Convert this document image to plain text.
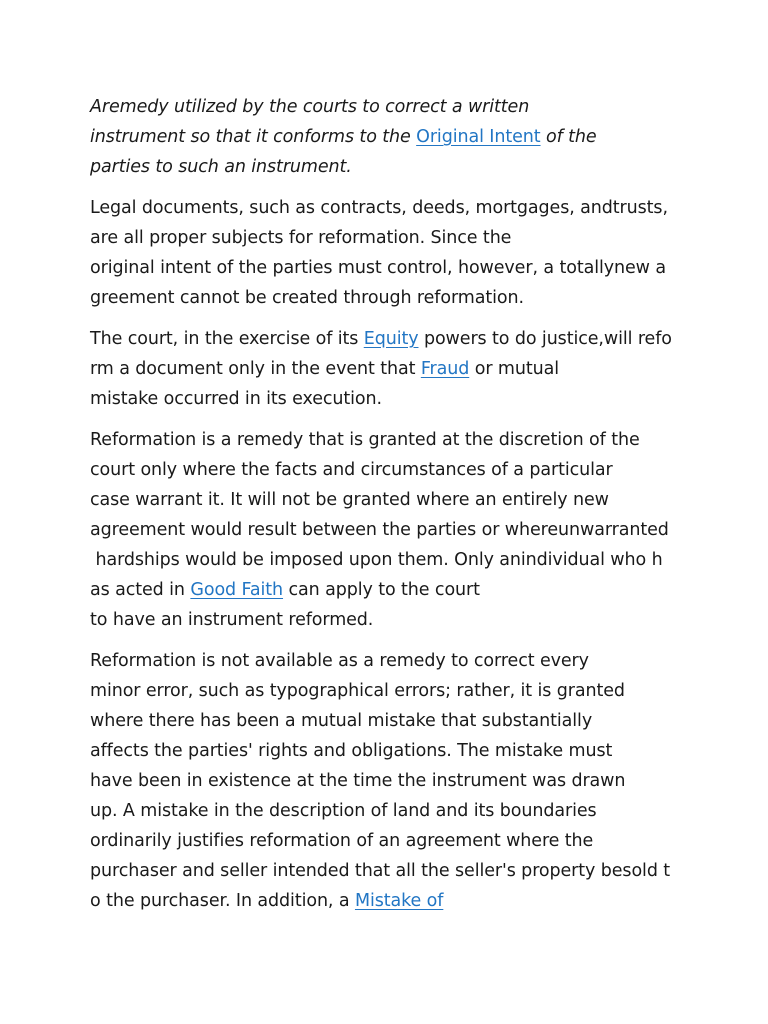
Aremedy utilized by the courts to correct a written
instrument so that it conforms to the Original Intent of the
parties to such an instrument.

Legal documents, such as contracts, deeds, mortgages, andtrusts,
are all proper subjects for reformation. Since the
original intent of the parties must control, however, a totallynew a
greement cannot be created through reformation.

The court, in the exercise of its Equity powers to do justice,will refo
rm a document only in the event that Fraud or mutual
mistake occurred in its execution.

Reformation is a remedy that is granted at the discretion of the
court only where the facts and circumstances of a particular
case warrant it. It will not be granted where an entirely new
agreement would result between the parties or whereunwarranted
hardships would be imposed upon them. Only anindividual who h
as acted in Good Faith can apply to the court
to have an instrument reformed.

Reformation is not available as a remedy to correct every
minor error, such as typographical errors; rather, it is granted
where there has been a mutual mistake that substantially
affects the parties' rights and obligations. The mistake must
have been in existence at the time the instrument was drawn
up. A mistake in the description of land and its boundaries
ordinarily justifies reformation of an agreement where the
purchaser and seller intended that all the seller's property besold t
o the purchaser. In addition, a Mistake of
